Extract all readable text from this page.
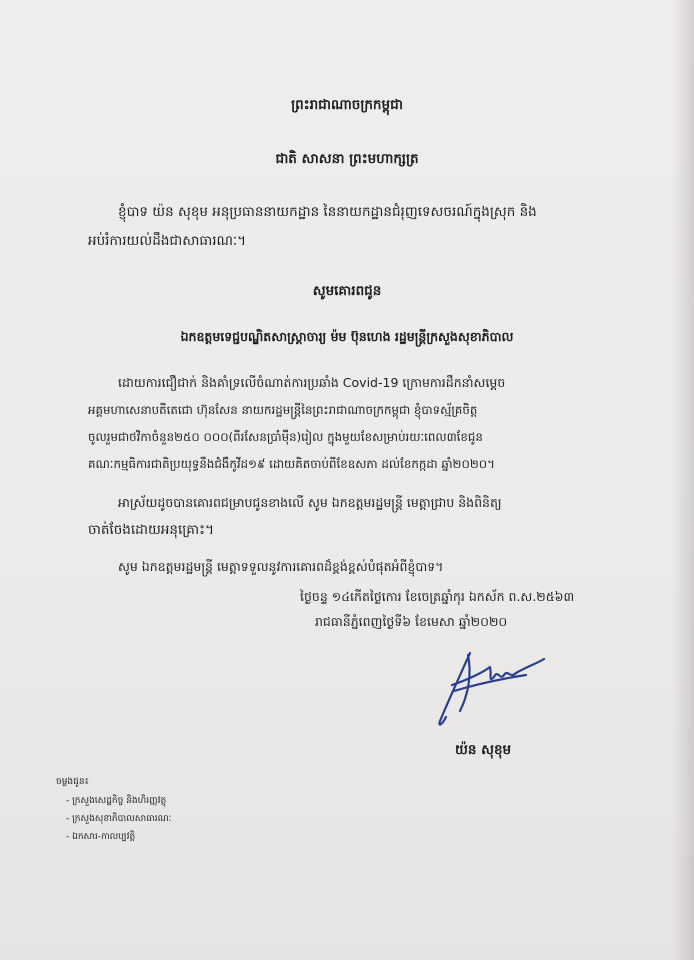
ព្រះរាជាណាចក្រកម្ពុជា
ជាតិ សាសនា ព្រះមហាក្សត្រ
ខ្ញុំបាទ យ៉ន សុខុម អនុប្រធាននាយកដ្ឋាន នៃនាយកដ្ឋានជំរុញទេសចរណ៍ក្នុងស្រុក និង
អប់រំការយល់ដឹងជាសាធារណៈ។
សូមគោរពជូន
ឯកឧត្តមទេជ្ជបណ្ឌិតសាស្ត្រាចារ្យ ម៉ម ប៊ុនហេង រដ្ឋមន្ត្រីក្រសួងសុខាភិបាល
ដោយការជឿជាក់ និងគាំទ្រលើចំណាត់ការប្រឆាំង Covid-19 ក្រោមការដឹកនាំសម្តេច
អគ្គមហាសេនាបតីតេជោ ហ៊ុនសែន នាយករដ្ឋមន្ត្រីនៃព្រះរាជាណាចក្រកម្ពុជា ខ្ញុំបាទស្ម័គ្រចិត្ត
ចូលរួមជាថវិកាចំនួន២៥០ ០០០(ពីរសែនប្រាំម៉ឺន)រៀល ក្នុងមួយខែសម្រាប់រយៈពេល៣ខែជូន
គណៈកម្មធិការជាតិប្រយុទ្ធនឹងជំងឺកូវីដ១៩ ដោយគិតចាប់ពីខែឧសភា ដល់ខែកក្កដា ឆ្នាំ២០២០។
អាស្រ័យដូចបានគោរពជម្រាបជូនខាងលើ សូម ឯកឧត្តមរដ្ឋមន្ត្រី មេត្តាជ្រាប និងពិនិត្យ
ចាត់ចែងដោយអនុគ្រោះ។
សូម ឯកឧត្តមរដ្ឋមន្ត្រី មេត្តាទទួលនូវការគោរពដ៏ខ្ពង់ខ្ពស់បំផុតអំពីខ្ញុំបាទ។
ថ្ងៃចន្ទ ១៤កើតថ្ងៃកោរ ខែចេត្រឆ្នាំកុរ ឯកស័ក ព.ស.២៥៦៣
រាជធានីភ្នំពេញថ្ងៃទី៦ ខែមេសា ឆ្នាំ២០២០
យ៉ន សុខុម
ចម្លងជូន៖
- ក្រសួងសេដ្ឋកិច្ច និងហិរញ្ញវត្ថុ
- ក្រសួងសុខាភិបាលសាធារណៈ
- ឯកសារ-កាលប្បវត្តិ
